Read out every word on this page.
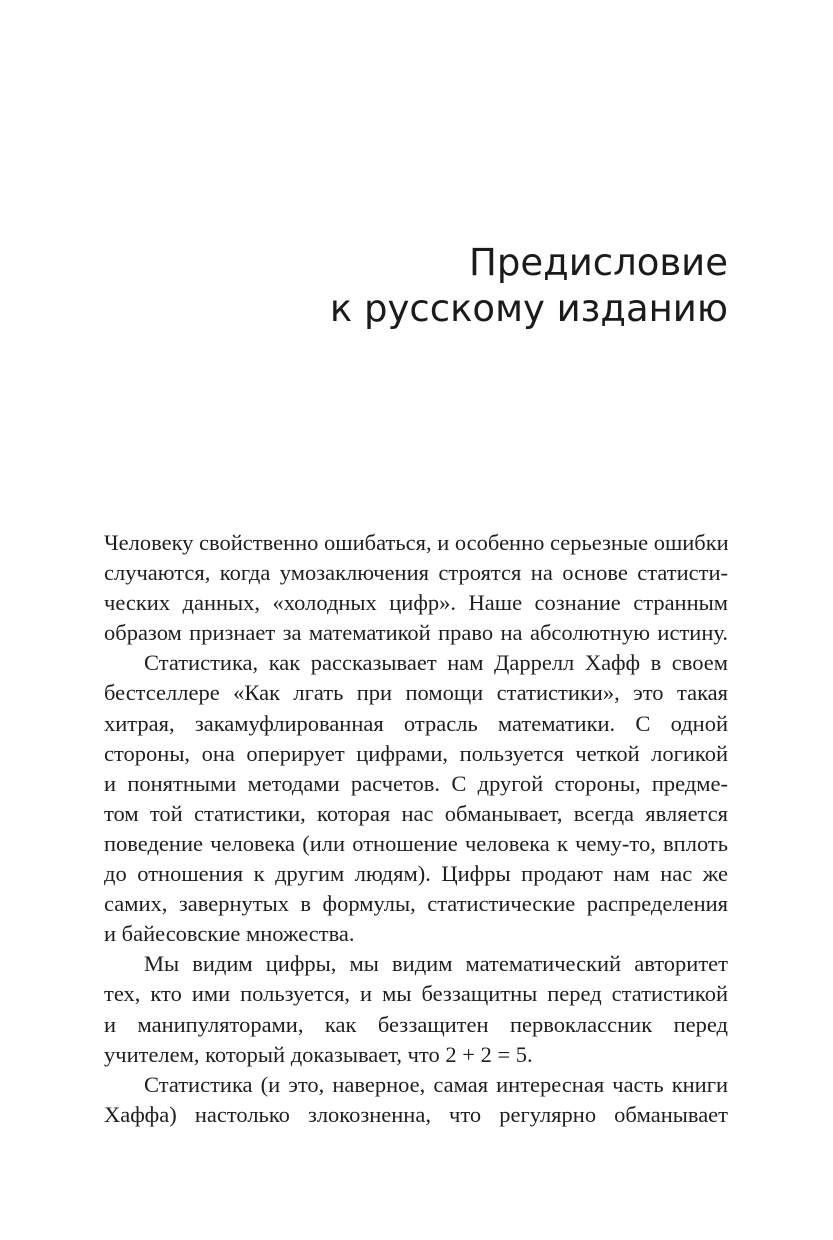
Предисловие
к русскому изданию
Человеку свойственно ошибаться, и особенно серьезные ошибки
случаются, когда умозаключения строятся на основе статисти-
ческих данных, «холодных цифр». Наше сознание странным
образом признает за математикой право на абсолютную истину.
Статистика, как рассказывает нам Даррелл Хафф в своем
бестселлере «Как лгать при помощи статистики», это такая
хитрая, закамуфлированная отрасль математики. С одной
стороны, она оперирует цифрами, пользуется четкой логикой
и понятными методами расчетов. С другой стороны, предме-
том той статистики, которая нас обманывает, всегда является
поведение человека (или отношение человека к чему-то, вплоть
до отношения к другим людям). Цифры продают нам нас же
самих, завернутых в формулы, статистические распределения
и байесовские множества.
Мы видим цифры, мы видим математический авторитет
тех, кто ими пользуется, и мы беззащитны перед статистикой
и манипуляторами, как беззащитен первоклассник перед
учителем, который доказывает, что 2 + 2 = 5.
Статистика (и это, наверное, самая интересная часть книги
Хаффа) настолько злокозненна, что регулярно обманывает
